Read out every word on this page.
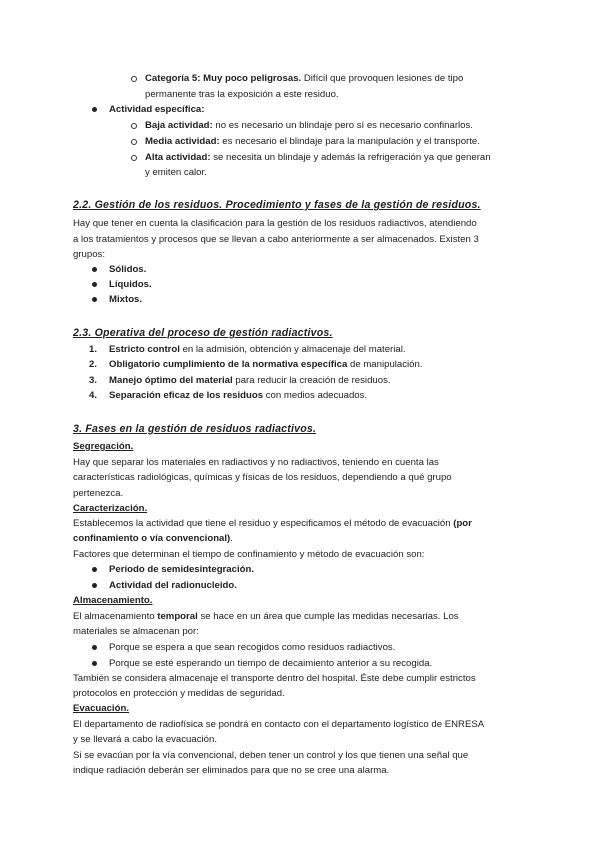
Categoría 5: Muy poco peligrosas. Difícil que provoquen lesiones de tipo
permanente tras la exposición a este residuo.
Actividad específica:
Baja actividad: no es necesario un blindaje pero sí es necesario confinarlos.
Media actividad: es necesario el blindaje para la manipulación y el transporte.
Alta actividad: se necesita un blindaje y además la refrigeración ya que generan
y emiten calor.
2.2. Gestión de los residuos. Procedimiento y fases de la gestión de residuos.
Hay que tener en cuenta la clasificación para la gestión de los residuos radiactivos, atendiendo
a los tratamientos y procesos que se llevan a cabo anteriormente a ser almacenados. Existen 3
grupos:
Sólidos.
Líquidos.
Mixtos.
2.3. Operativa del proceso de gestión radiactivos.
1. Estricto control en la admisión, obtención y almacenaje del material.
2. Obligatorio cumplimiento de la normativa específica de manipulación.
3. Manejo óptimo del material para reducir la creación de residuos.
4. Separación eficaz de los residuos con medios adecuados.
3. Fases en la gestión de residuos radiactivos.
Segregación.
Hay que separar los materiales en radiactivos y no radiactivos, teniendo en cuenta las
características radiológicas, químicas y físicas de los residuos, dependiendo a qué grupo
pertenezca.
Caracterización.
Establecemos la actividad que tiene el residuo y especificamos el método de evacuación (por
confinamiento o vía convencional).
Factores que determinan el tiempo de confinamiento y método de evacuación son:
Periodo de semidesintegración.
Actividad del radionucleido.
Almacenamiento.
El almacenamiento temporal se hace en un área que cumple las medidas necesarias. Los
materiales se almacenan por:
Porque se espera a que sean recogidos como residuos radiactivos.
Porque se esté esperando un tiempo de decaimiento anterior a su recogida.
También se considera almacenaje el transporte dentro del hospital. Éste debe cumplir estrictos
protocolos en protección y medidas de seguridad.
Evacuación.
El departamento de radiofísica se pondrá en contacto con el departamento logístico de ENRESA
y se llevará a cabo la evacuación.
Si se evacúan por la vía convencional, deben tener un control y los que tienen una señal que
indique radiación deberán ser eliminados para que no se cree una alarma.
